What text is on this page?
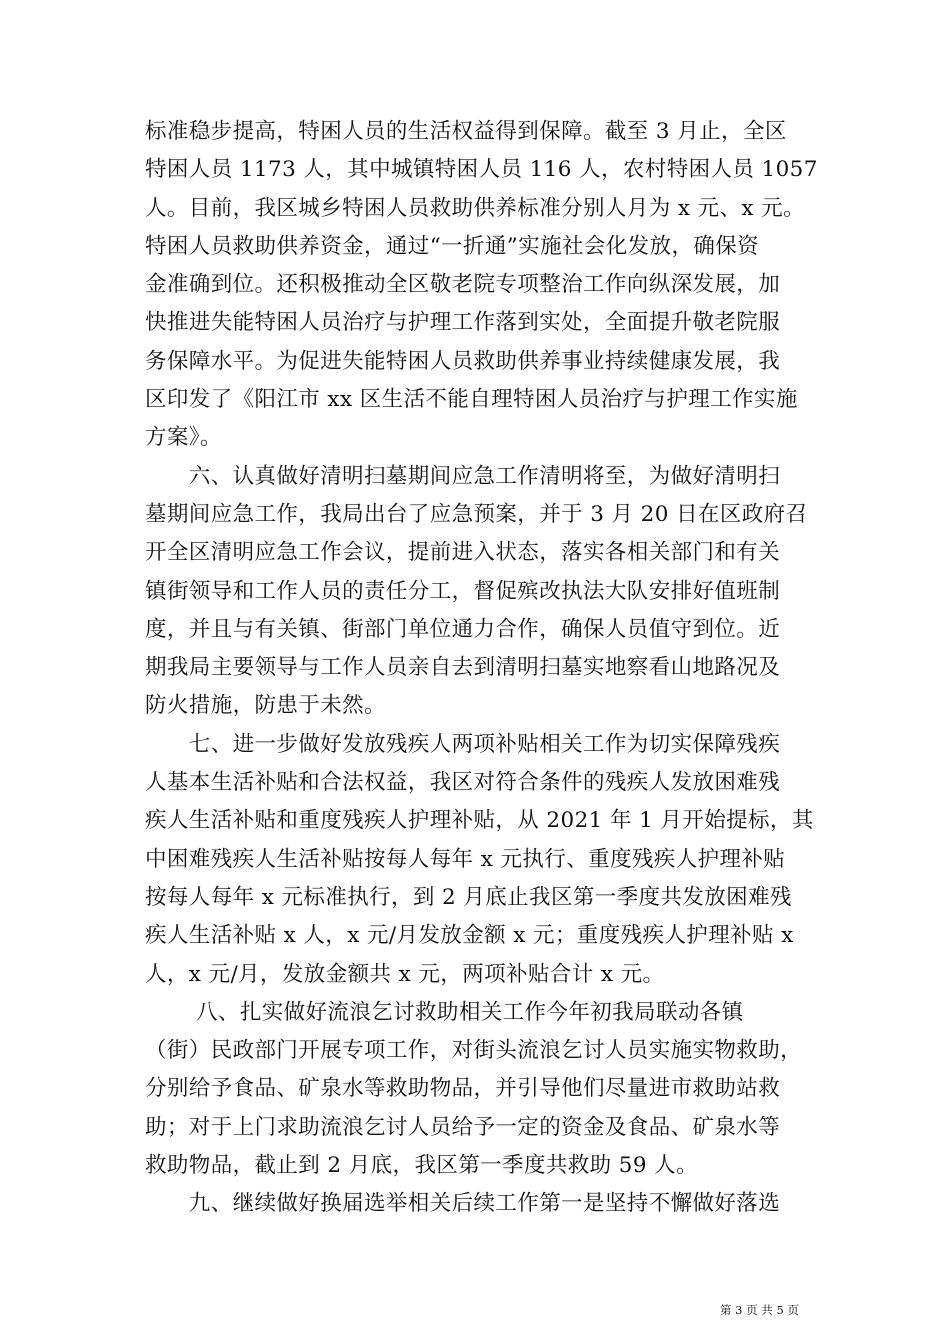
标准稳步提高，特困人员的生活权益得到保障。截至 3 月止，全区
特困人员 1173 人，其中城镇特困人员 116 人，农村特困人员 1057
人。目前，我区城乡特困人员救助供养标准分别人月为 x 元、x 元。
特困人员救助供养资金，通过“一折通”实施社会化发放，确保资
金准确到位。还积极推动全区敬老院专项整治工作向纵深发展，加
快推进失能特困人员治疗与护理工作落到实处，全面提升敬老院服
务保障水平。为促进失能特困人员救助供养事业持续健康发展，我
区印发了《阳江市 xx 区生活不能自理特困人员治疗与护理工作实施
方案》。
　　六、认真做好清明扫墓期间应急工作清明将至，为做好清明扫
墓期间应急工作，我局出台了应急预案，并于 3 月 20 日在区政府召
开全区清明应急工作会议，提前进入状态，落实各相关部门和有关
镇街领导和工作人员的责任分工，督促殡改执法大队安排好值班制
度，并且与有关镇、街部门单位通力合作，确保人员值守到位。近
期我局主要领导与工作人员亲自去到清明扫墓实地察看山地路况及
防火措施，防患于未然。
　　七、进一步做好发放残疾人两项补贴相关工作为切实保障残疾
人基本生活补贴和合法权益，我区对符合条件的残疾人发放困难残
疾人生活补贴和重度残疾人护理补贴，从 2021 年 1 月开始提标，其
中困难残疾人生活补贴按每人每年 x 元执行、重度残疾人护理补贴
按每人每年 x 元标准执行，到 2 月底止我区第一季度共发放困难残
疾人生活补贴 x 人，x 元/月发放金额 x 元；重度残疾人护理补贴 x
人，x 元/月，发放金额共 x 元，两项补贴合计 x 元。
　　 八、扎实做好流浪乞讨救助相关工作今年初我局联动各镇
（街）民政部门开展专项工作，对街头流浪乞讨人员实施实物救助，
分别给予食品、矿泉水等救助物品，并引导他们尽量进市救助站救
助；对于上门求助流浪乞讨人员给予一定的资金及食品、矿泉水等
救助物品，截止到 2 月底，我区第一季度共救助 59 人。
　　九、继续做好换届选举相关后续工作第一是坚持不懈做好落选
第 3 页 共 5 页
